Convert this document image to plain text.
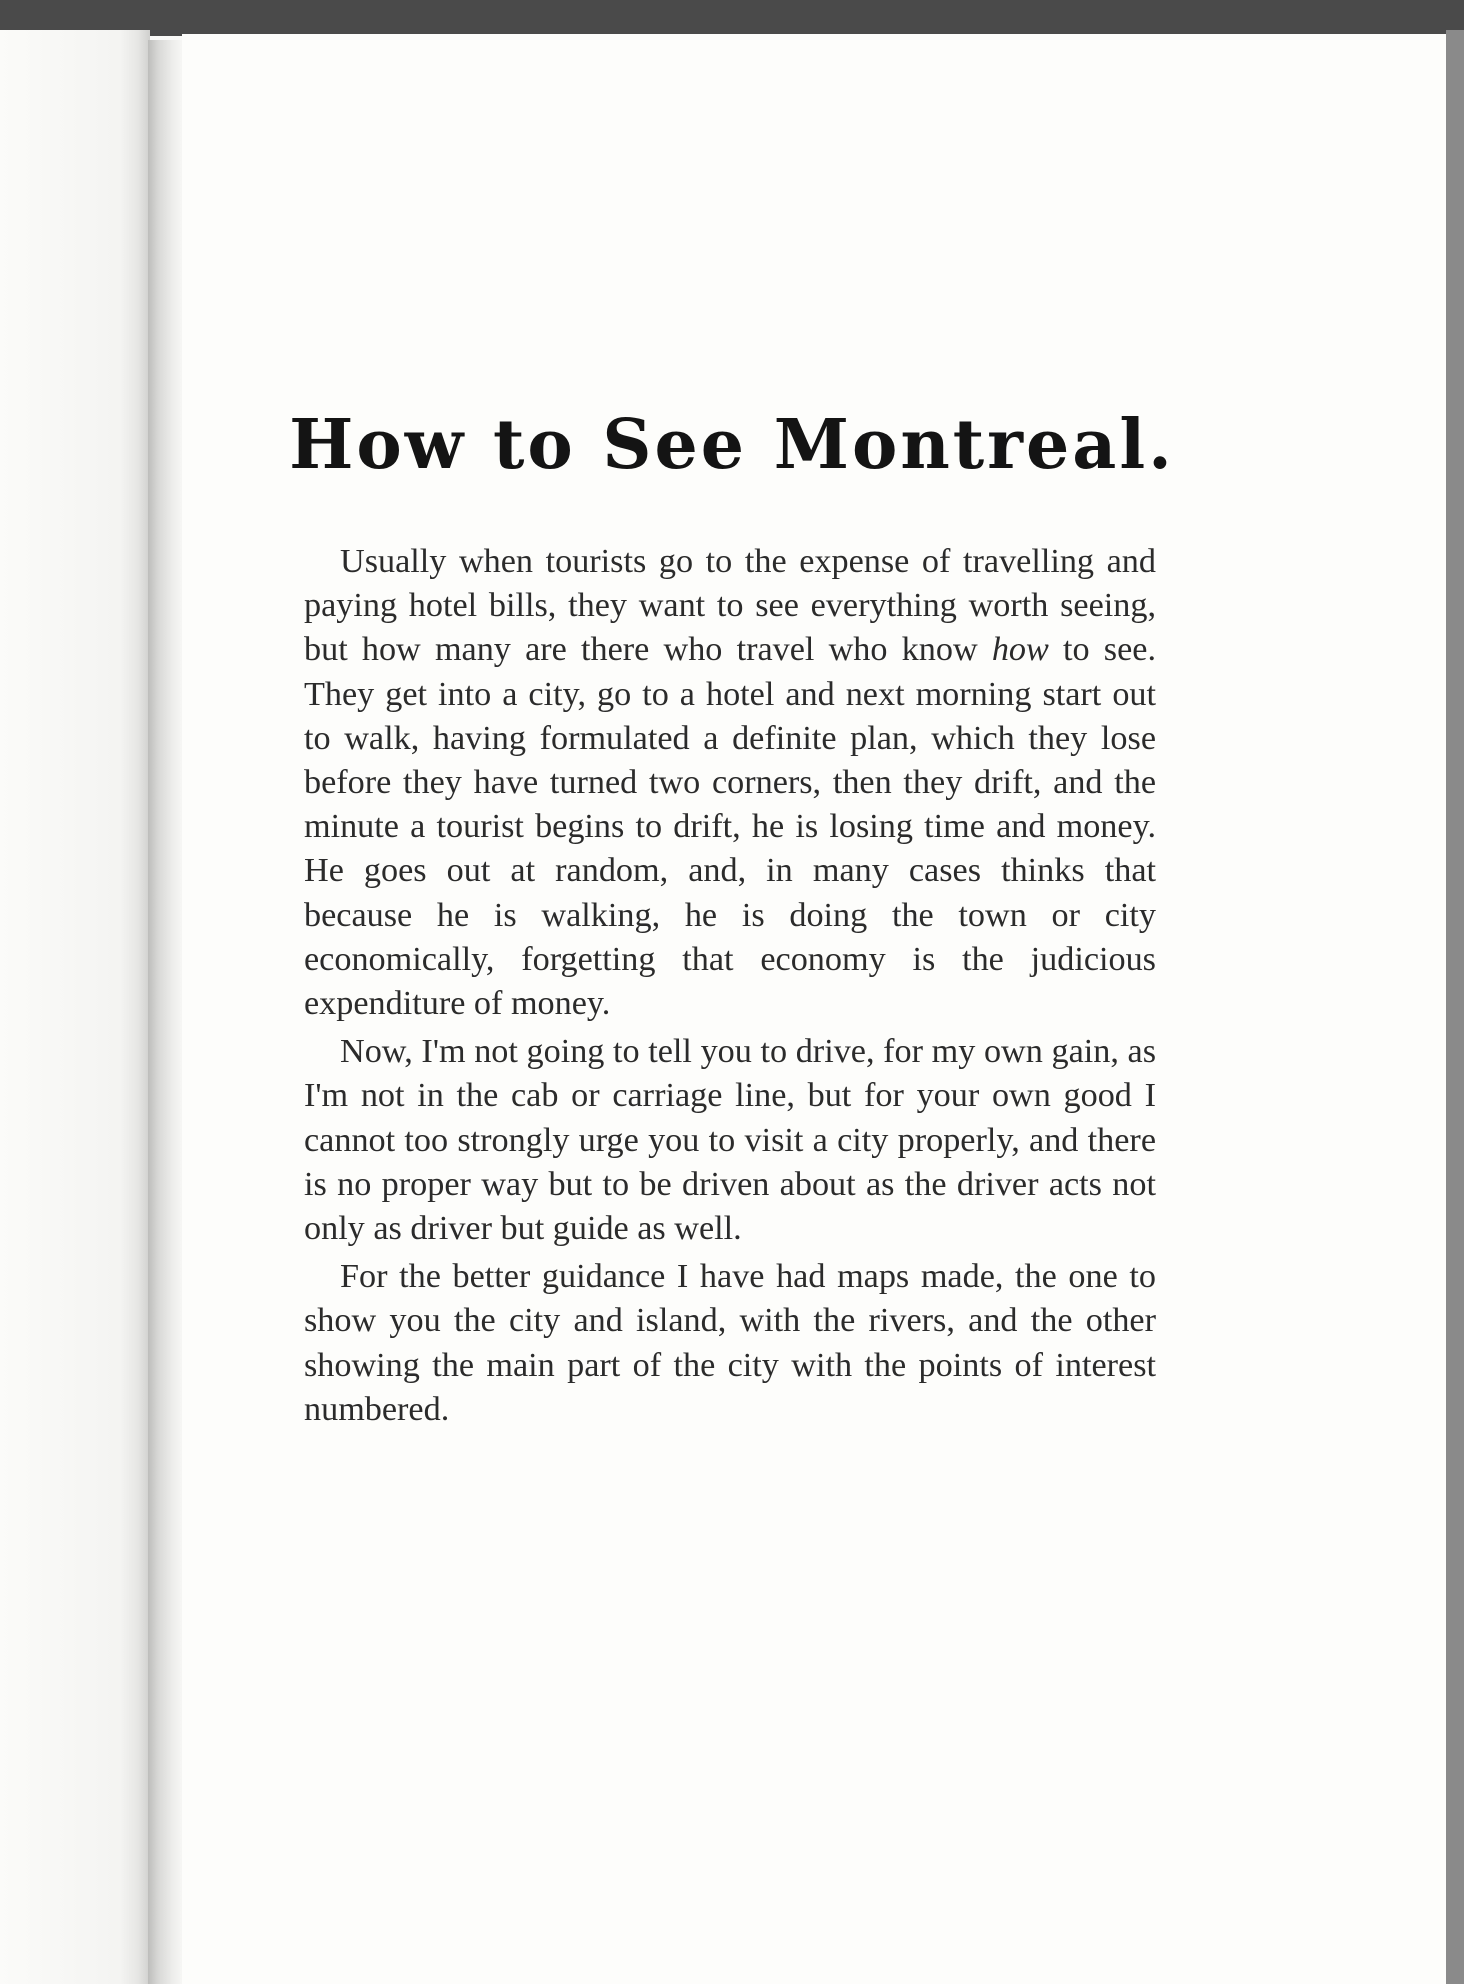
How to See Montreal.

Usually when tourists go to the expense of travelling and paying hotel bills, they want to see everything worth seeing, but how many are there who travel who know how to see. They get into a city, go to a hotel and next morning start out to walk, having formulated a definite plan, which they lose before they have turned two corners, then they drift, and the minute a tourist begins to drift, he is losing time and money. He goes out at random, and, in many cases thinks that because he is walking, he is doing the town or city economically, forgetting that economy is the judicious expenditure of money.

Now, I'm not going to tell you to drive, for my own gain, as I'm not in the cab or carriage line, but for your own good I cannot too strongly urge you to visit a city properly, and there is no proper way but to be driven about as the driver acts not only as driver but guide as well.

For the better guidance I have had maps made, the one to show you the city and island, with the rivers, and the other showing the main part of the city with the points of interest numbered.
